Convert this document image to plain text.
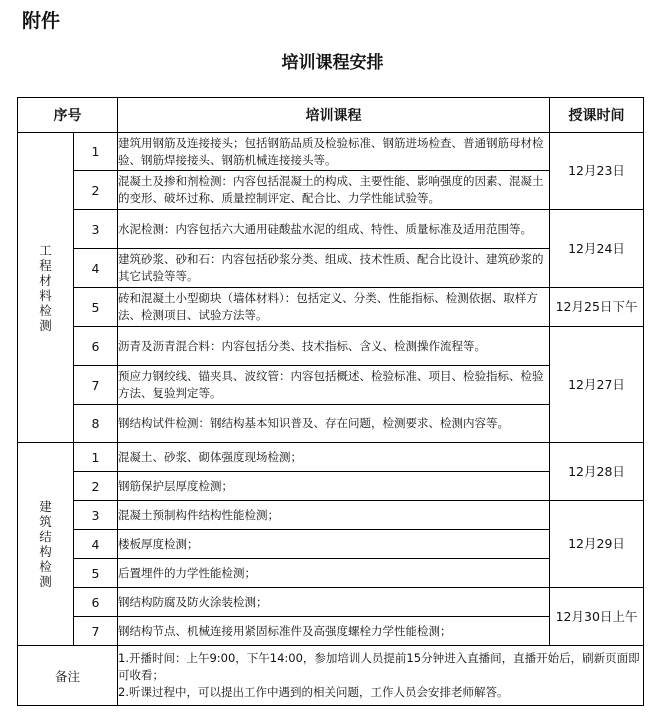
附件
培训课程安排
序号		培训课程	授课时间
工程材料检测	1	建筑用钢筋及连接接头；包括钢筋品质及检验标准、钢筋进场检查、普通钢筋母材检验、钢筋焊接接头、钢筋机械连接接头等。	12月23日
	2	混凝土及掺和剂检测：内容包括混凝土的构成、主要性能、影响强度的因素、混凝土的变形、破坏过称、质量控制评定、配合比、力学性能试验等。	
	3	水泥检测：内容包括六大通用硅酸盐水泥的组成、特性、质量标准及适用范围等。	12月24日
	4	建筑砂浆、砂和石：内容包括砂浆分类、组成、技术性质、配合比设计、建筑砂浆的其它试验等等。	
	5	砖和混凝土小型砌块（墙体材料）：包括定义、分类、性能指标、检测依据、取样方法、检测项目、试验方法等。	12月25日下午
	6	沥青及沥青混合料：内容包括分类、技术指标、含义、检测操作流程等。	12月27日
	7	预应力钢绞线、锚夹具、波纹管：内容包括概述、检验标准、项目、检验指标、检验方法、复验判定等。	
	8	钢结构试件检测：钢结构基本知识普及、存在问题，检测要求、检测内容等。	
建筑结构检测	1	混凝土、砂浆、砌体强度现场检测；	12月28日
	2	钢筋保护层厚度检测；	
	3	混凝土预制构件结构性能检测；	12月29日
	4	楼板厚度检测；	
	5	后置埋件的力学性能检测；	
	6	钢结构防腐及防火涂装检测；	12月30日上午
	7	钢结构节点、机械连接用紧固标准件及高强度螺栓力学性能检测；	
备注		1.开播时间：上午9:00，下午14:00，参加培训人员提前15分钟进入直播间，直播开始后，刷新页面即可收看；
2.听课过程中，可以提出工作中遇到的相关问题，工作人员会安排老师解答。	
